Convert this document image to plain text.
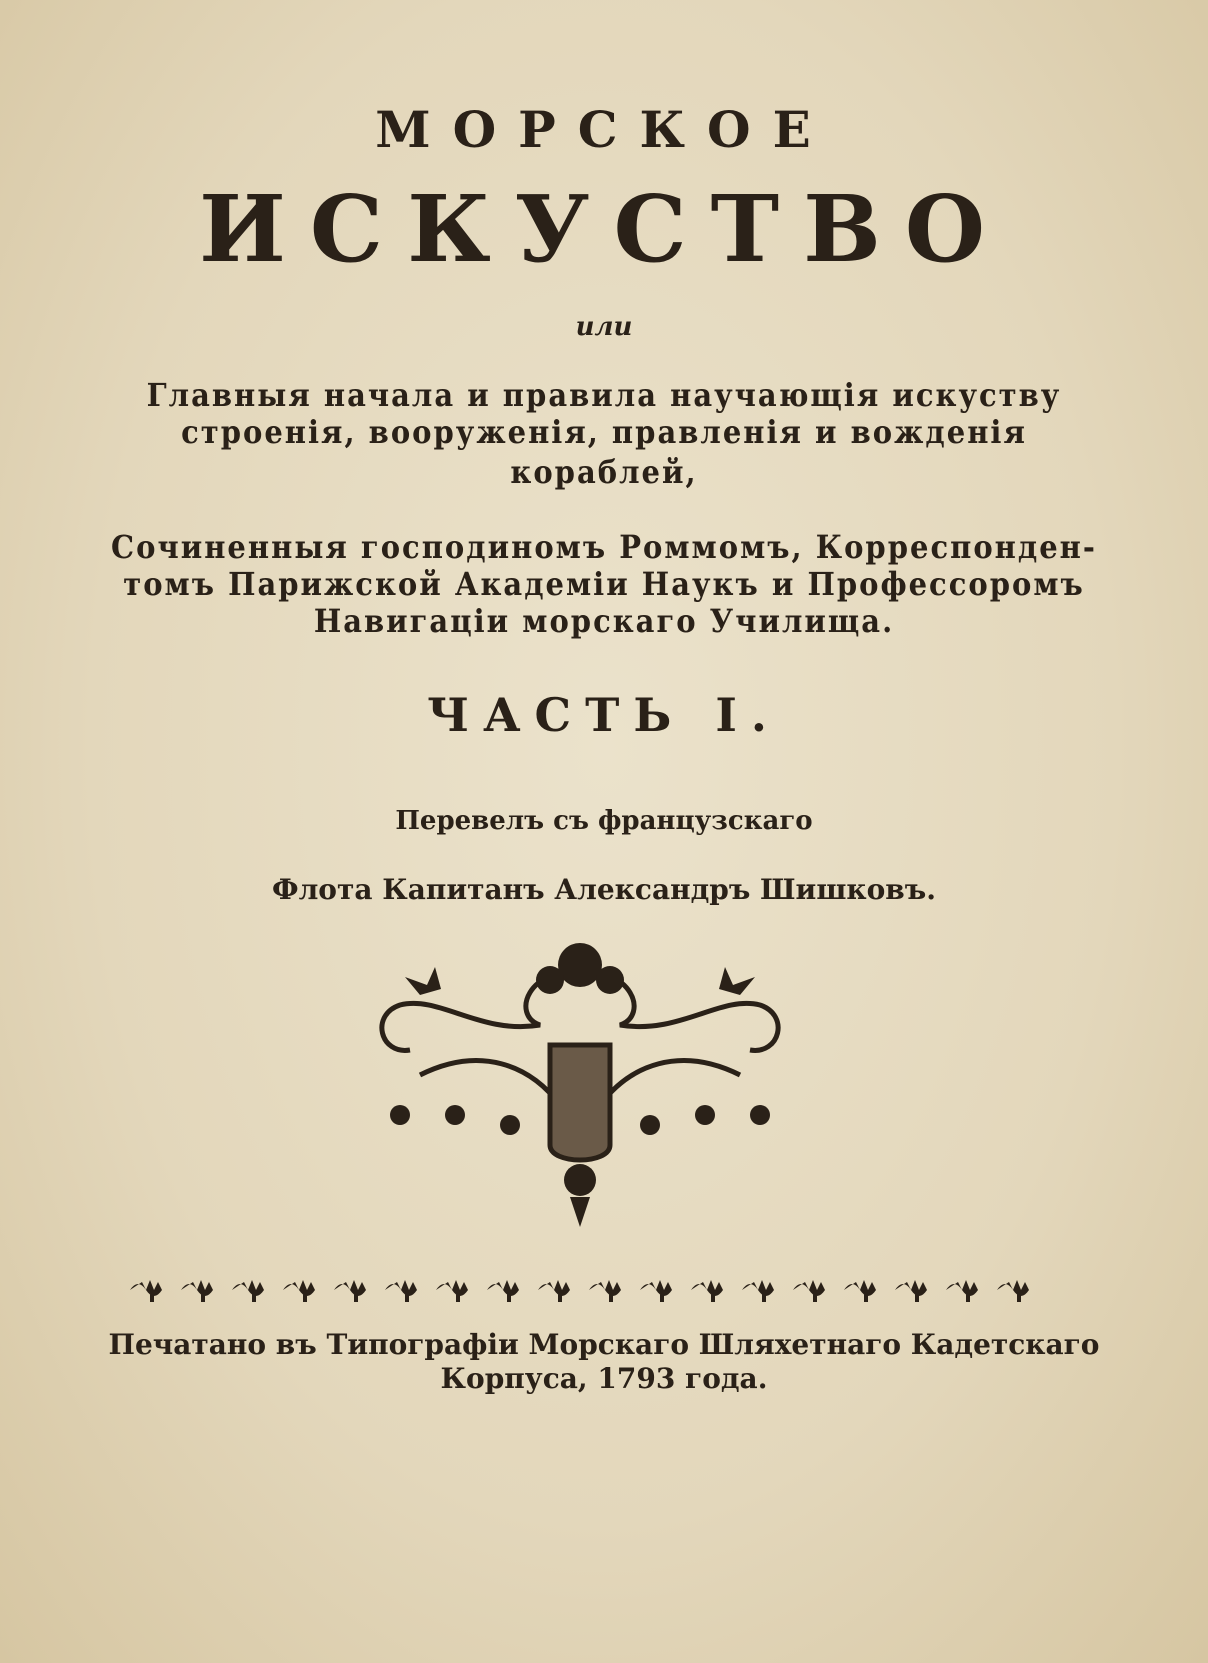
МОРСКОЕ
ИСКУСТВО
или
Главныя начала и правила научающія искуству
строенія, вооруженія, правленія и вожденія
кораблей,
Сочиненныя господиномъ Роммомъ, Корреспонден-
томъ Парижской Академіи Наукъ и Профессоромъ
Навигаціи морскаго Училища.
ЧАСТЬ I.
Перевелъ съ французскаго
Флота Капитанъ Александръ Шишковъ.
Печатано въ Типографіи Морскаго Шляхетнаго Кадетскаго
Корпуса, 1793 года.
